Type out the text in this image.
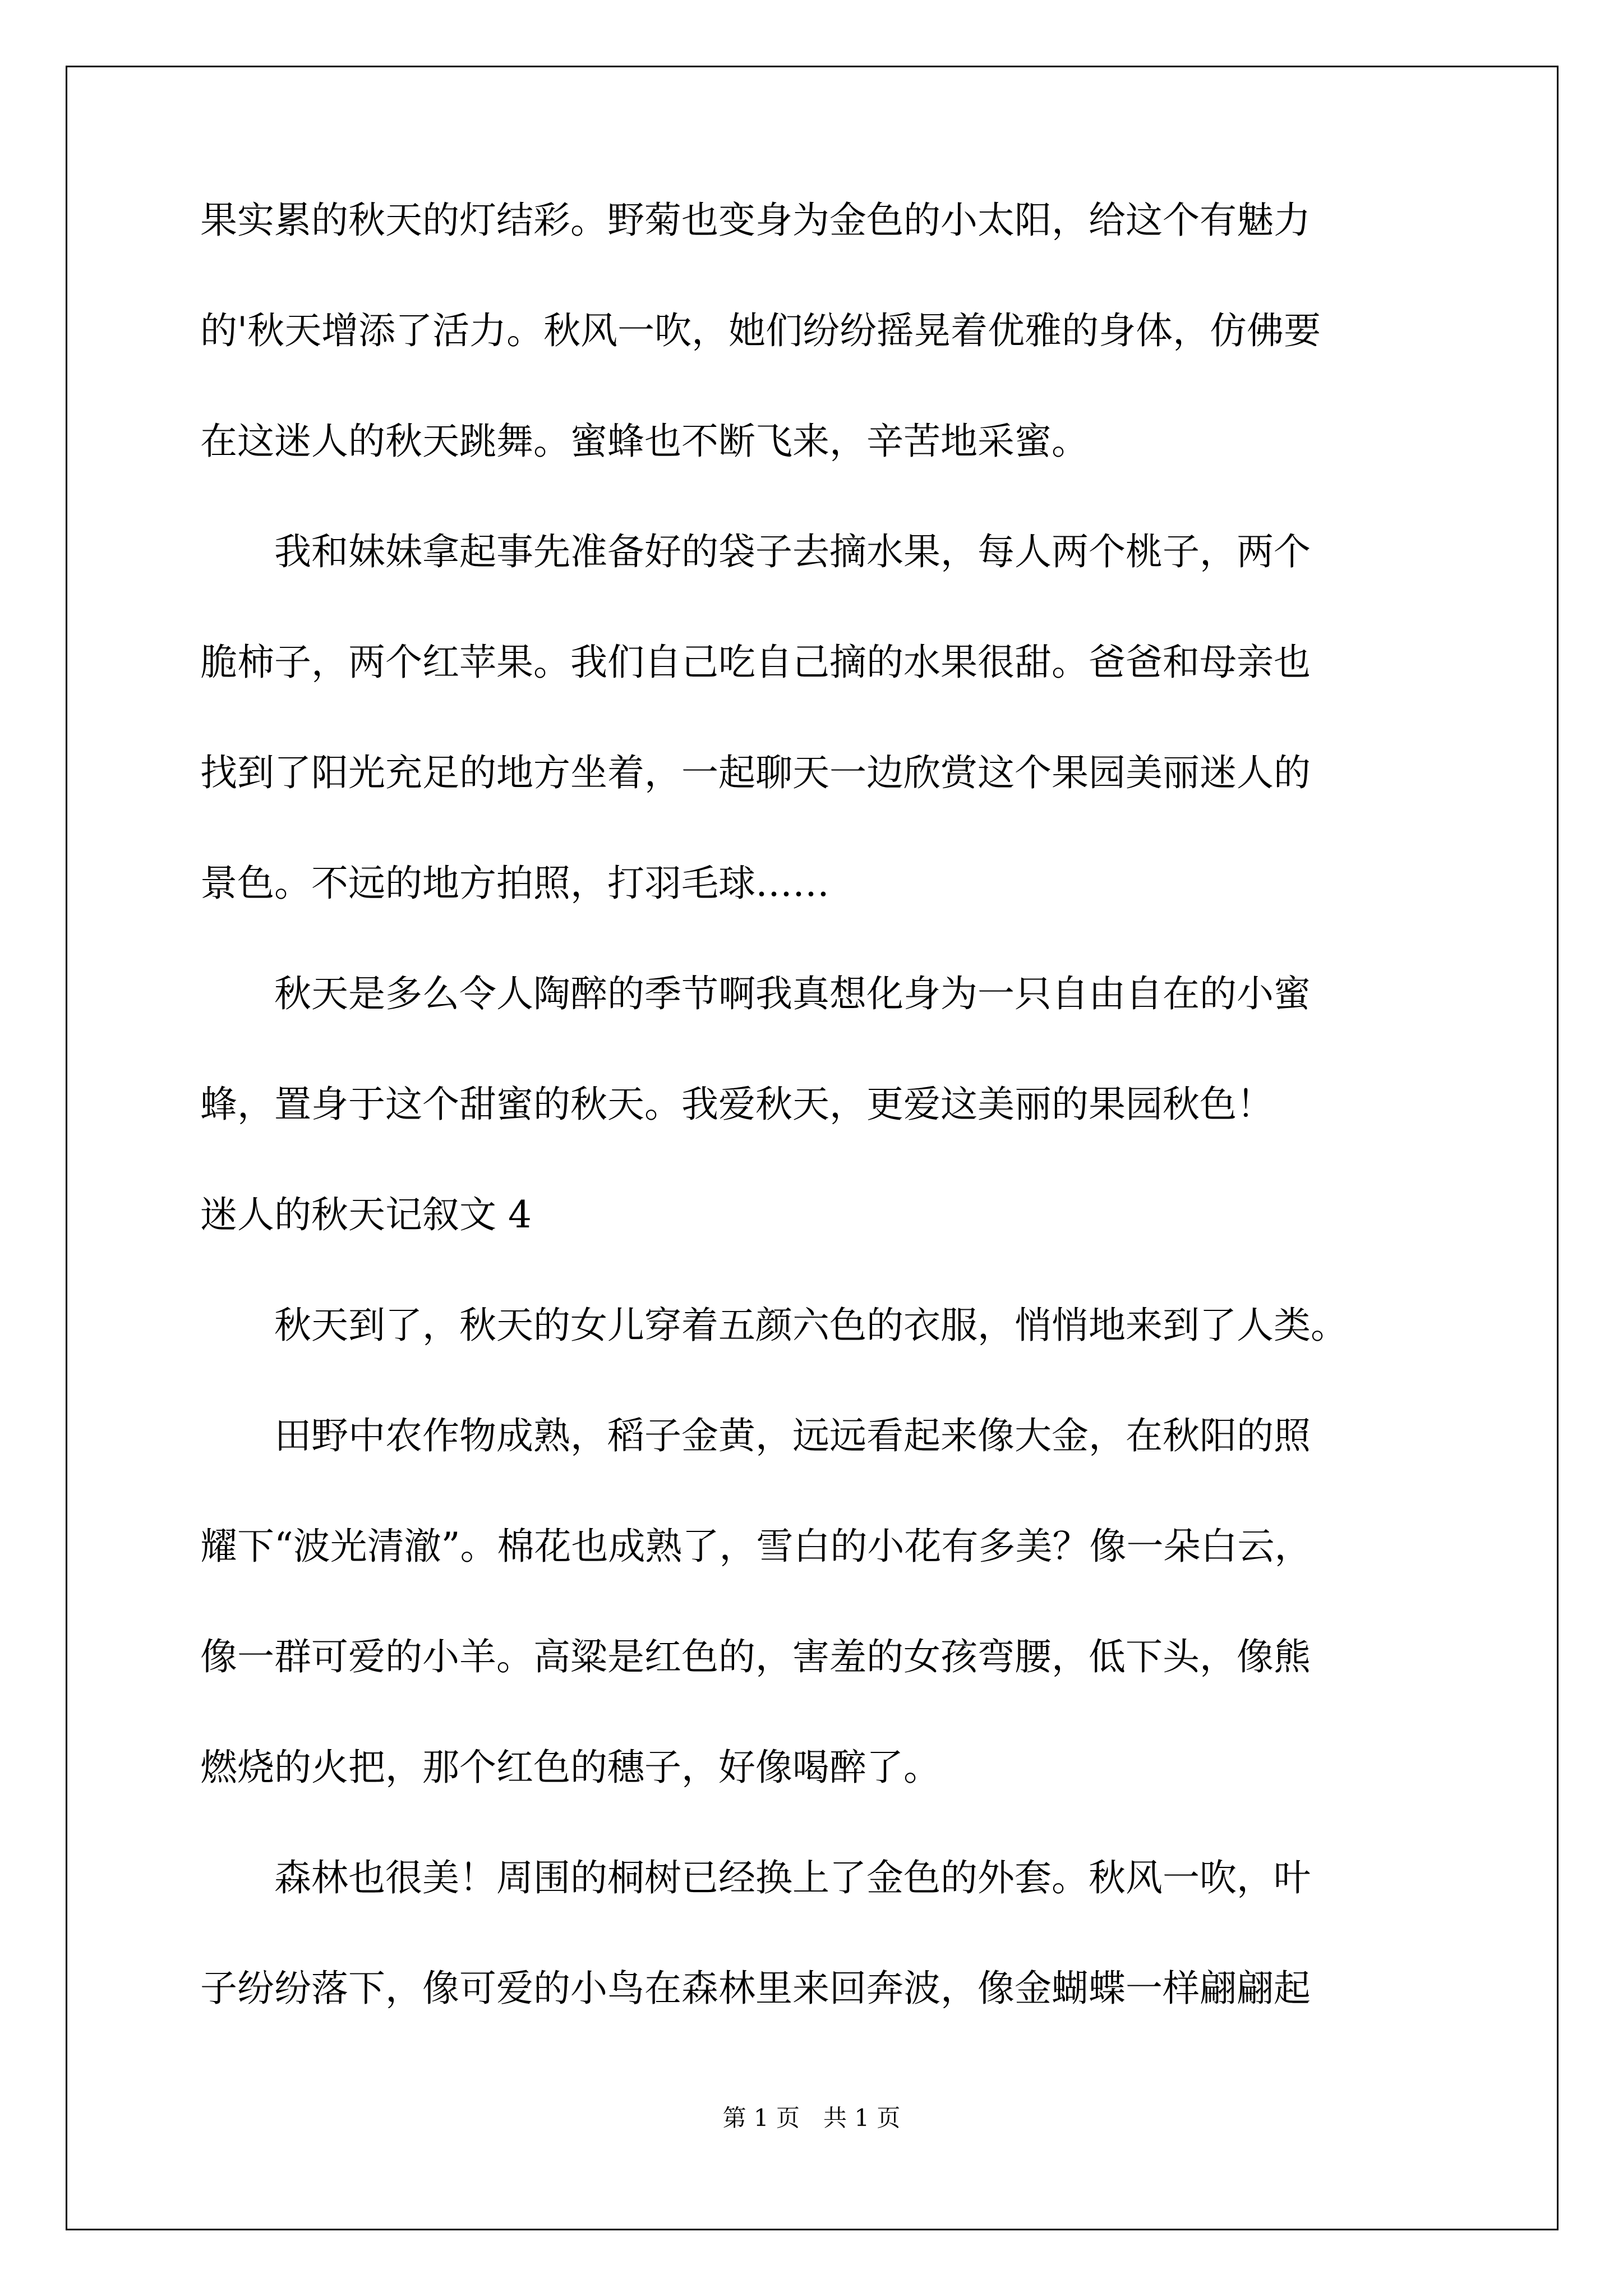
果实累的秋天的灯结彩。野菊也变身为金色的小太阳，给这个有魅力
的'秋天增添了活力。秋风一吹，她们纷纷摇晃着优雅的身体，仿佛要
在这迷人的秋天跳舞。蜜蜂也不断飞来，辛苦地采蜜。
　　我和妹妹拿起事先准备好的袋子去摘水果，每人两个桃子，两个
脆柿子，两个红苹果。我们自己吃自己摘的水果很甜。爸爸和母亲也
找到了阳光充足的地方坐着，一起聊天一边欣赏这个果园美丽迷人的
景色。不远的地方拍照，打羽毛球……
　　秋天是多么令人陶醉的季节啊我真想化身为一只自由自在的小蜜
蜂，置身于这个甜蜜的秋天。我爱秋天，更爱这美丽的果园秋色！
迷人的秋天记叙文 4
　　秋天到了，秋天的女儿穿着五颜六色的衣服，悄悄地来到了人类。
　　田野中农作物成熟，稻子金黄，远远看起来像大金，在秋阳的照
耀下“波光清澈”。棉花也成熟了，雪白的小花有多美？像一朵白云，
像一群可爱的小羊。高粱是红色的，害羞的女孩弯腰，低下头，像熊
燃烧的火把，那个红色的穗子，好像喝醉了。
　　森林也很美！周围的桐树已经换上了金色的外套。秋风一吹，叶
子纷纷落下，像可爱的小鸟在森林里来回奔波，像金蝴蝶一样翩翩起
第 1 页　共 1 页
